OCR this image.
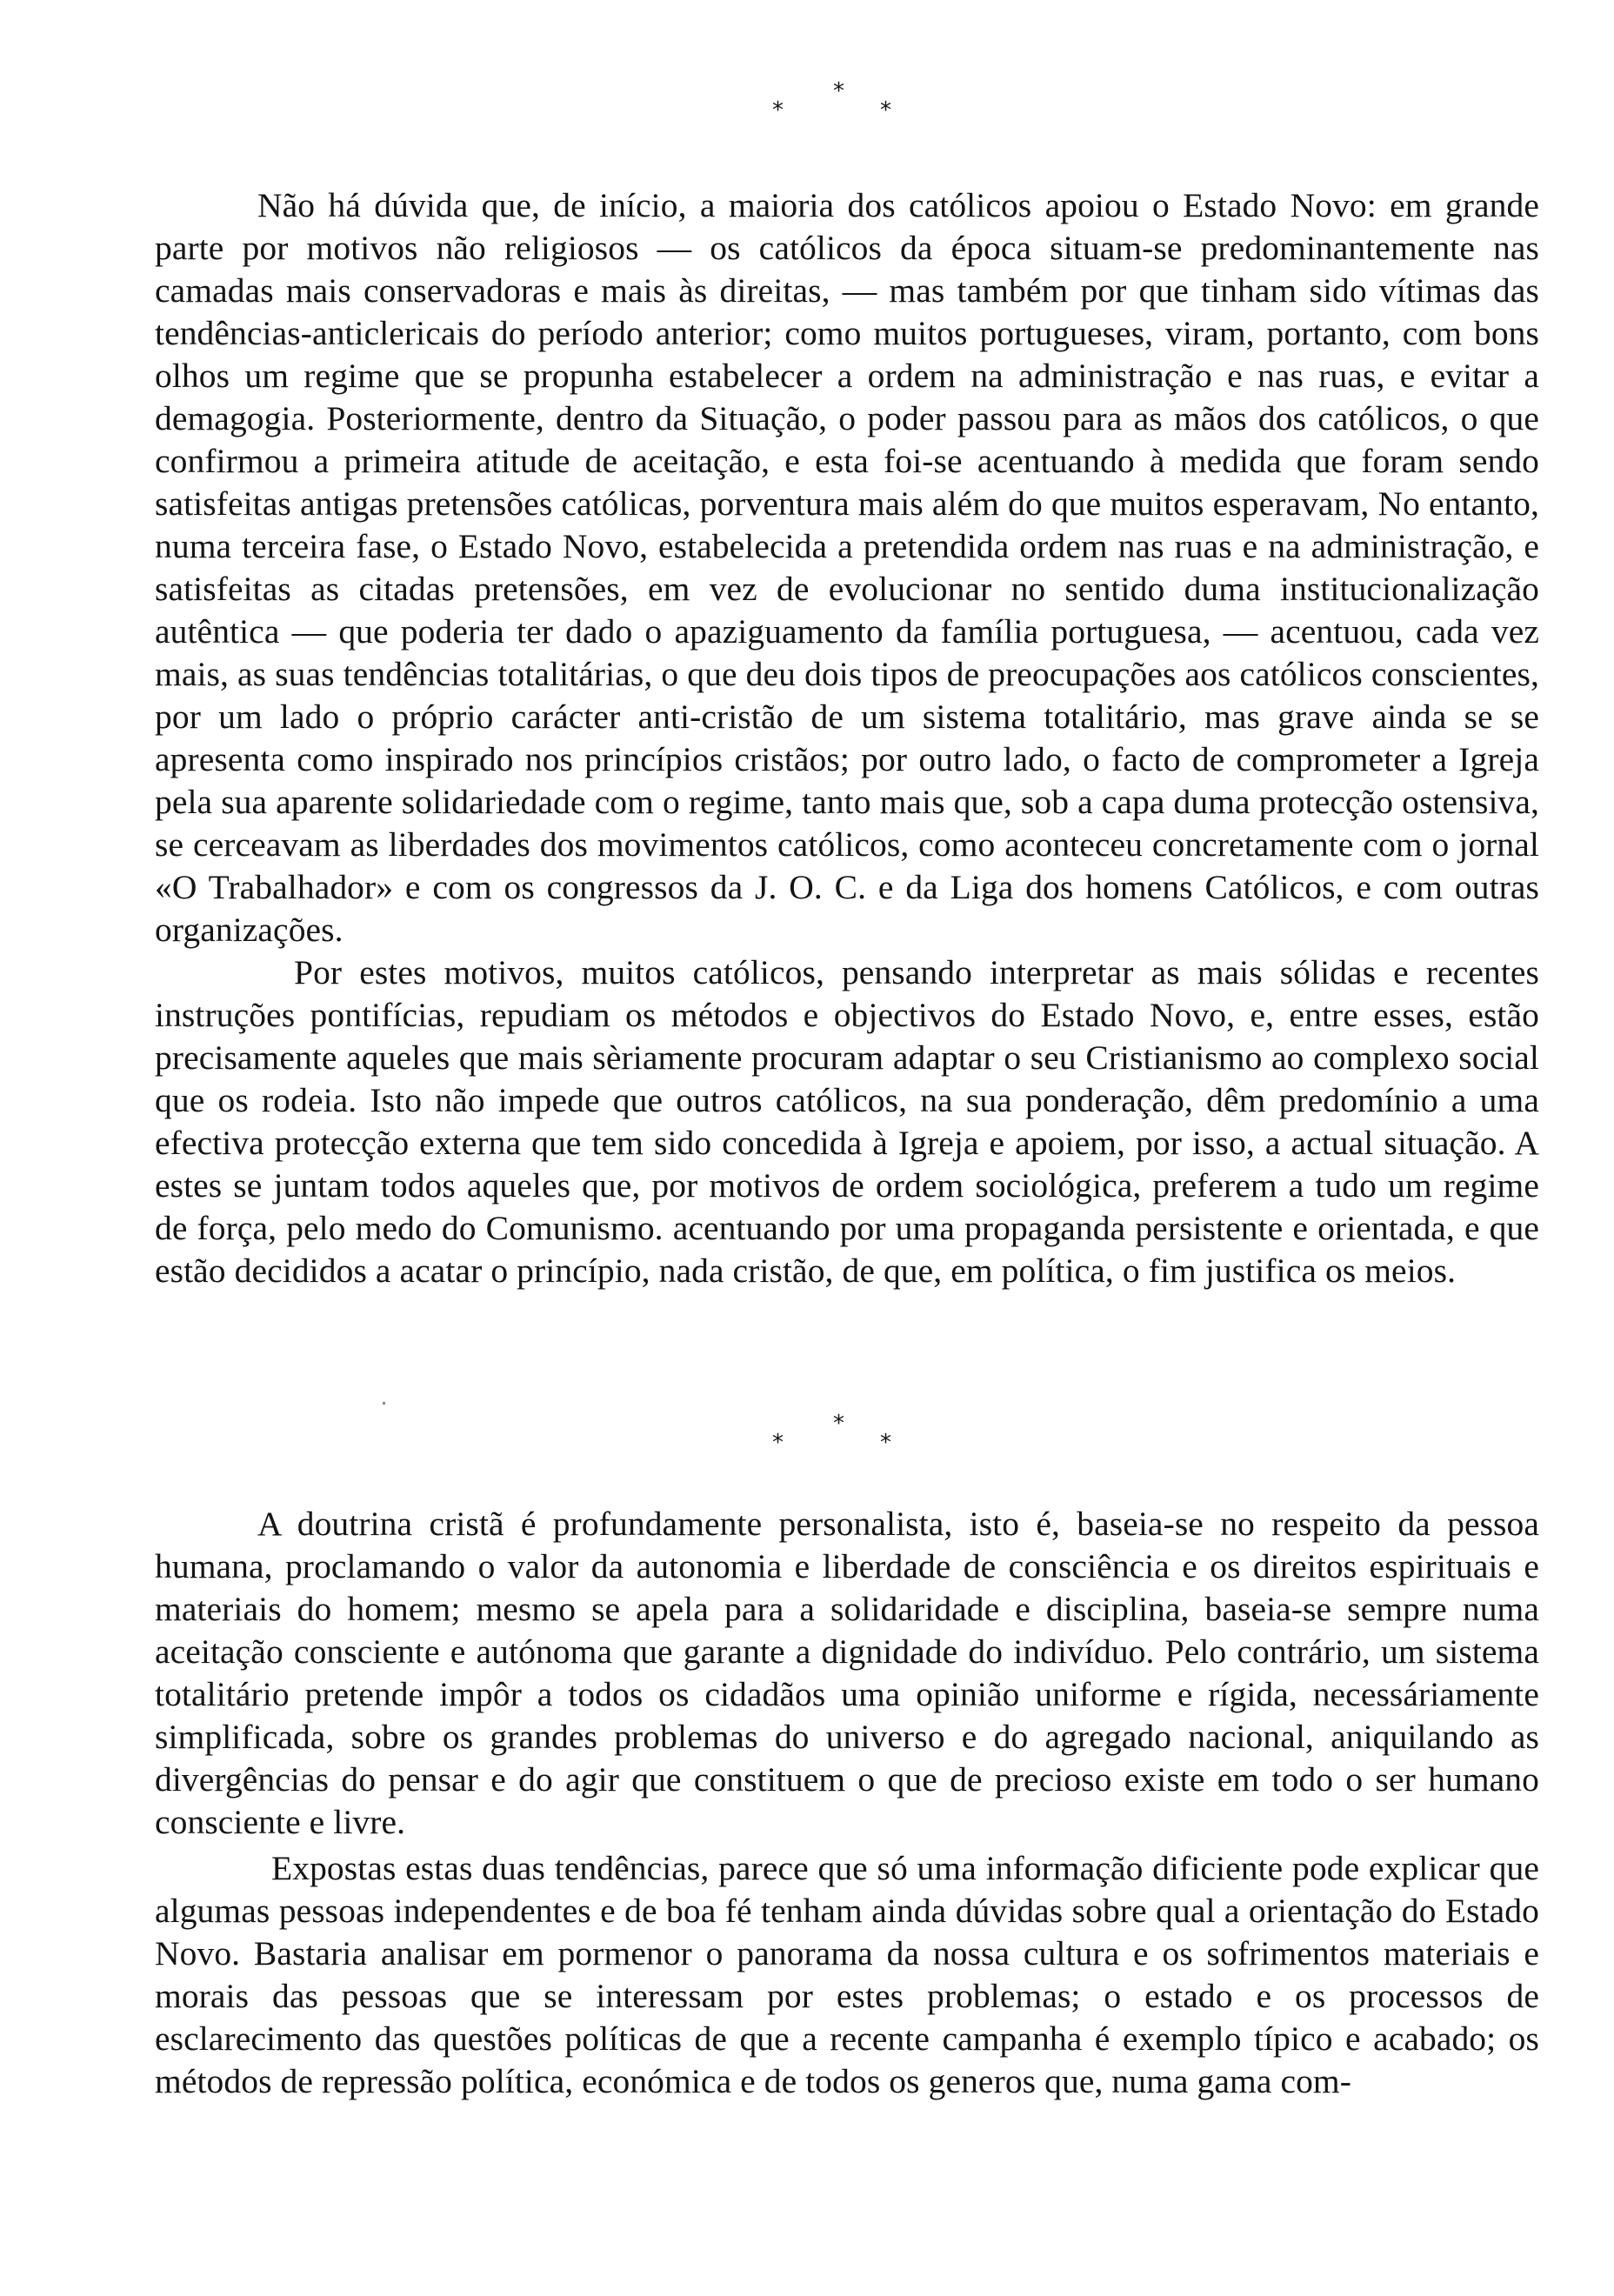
*
*	*

Não há dúvida que, de início, a maioria dos católicos apoiou o Estado Novo: em grande parte por motivos não religiosos — os católicos da época situam-se predominantemente nas camadas mais conservadoras e mais às direitas, — mas também por que tinham sido vítimas das tendências-anticlericais do período anterior; como muitos portugueses, viram, portanto, com bons olhos um regime que se propunha estabelecer a ordem na administração e nas ruas, e evitar a demagogia. Posteriormente, dentro da Situação, o poder passou para as mãos dos católicos, o que confirmou a primeira atitude de aceitação, e esta foi-se acentuando à medida que foram sendo satisfeitas antigas pretensões católicas, porventura mais além do que muitos esperavam, No entanto, numa terceira fase, o Estado Novo, estabelecida a pretendida ordem nas ruas e na administração, e satisfeitas as citadas pretensões, em vez de evolucionar no sentido duma institucionalização autêntica — que poderia ter dado o apaziguamento da família portuguesa, — acentuou, cada vez mais, as suas tendências totalitárias, o que deu dois tipos de preocupações aos católicos conscientes, por um lado o próprio carácter anti-cristão de um sistema totalitário, mas grave ainda se se apresenta como inspirado nos princípios cristãos; por outro lado, o facto de comprometer a Igreja pela sua aparente solidariedade com o regime, tanto mais que, sob a capa duma protecção ostensiva, se cerceavam as liberdades dos movimentos católicos, como aconteceu concretamente com o jornal «O Trabalhador» e com os congressos da J. O. C. e da Liga dos homens Católicos, e com outras organizações.

Por estes motivos, muitos católicos, pensando interpretar as mais sólidas e recentes instruções pontifícias, repudiam os métodos e objectivos do Estado Novo, e, entre esses, estão precisamente aqueles que mais sèriamente procuram adaptar o seu Cristianismo ao complexo social que os rodeia. Isto não impede que outros católicos, na sua ponderação, dêm predomínio a uma efectiva protecção externa que tem sido concedida à Igreja e apoiem, por isso, a actual situação. A estes se juntam todos aqueles que, por motivos de ordem sociológica, preferem a tudo um regime de força, pelo medo do Comunismo. acentuando por uma propaganda persistente e orientada, e que estão decididos a acatar o princípio, nada cristão, de que, em política, o fim justifica os meios.

*
*	*

A doutrina cristã é profundamente personalista, isto é, baseia-se no respeito da pessoa humana, proclamando o valor da autonomia e liberdade de consciência e os direitos espirituais e materiais do homem; mesmo se apela para a solidaridade e disciplina, baseia-se sempre numa aceitação consciente e autónoma que garante a dignidade do indivíduo. Pelo contrário, um sistema totalitário pretende impôr a todos os cidadãos uma opinião uniforme e rígida, necessáriamente simplificada, sobre os grandes problemas do universo e do agregado nacional, aniquilando as divergências do pensar e do agir que constituem o que de precioso existe em todo o ser humano consciente e livre.

Expostas estas duas tendências, parece que só uma informação dificiente pode explicar que algumas pessoas independentes e de boa fé tenham ainda dúvidas sobre qual a orientação do Estado Novo. Bastaria analisar em pormenor o panorama da nossa cultura e os sofrimentos materiais e morais das pessoas que se interessam por estes problemas; o estado e os processos de esclarecimento das questões políticas de que a recente campanha é exemplo típico e acabado; os métodos de repressão política, económica e de todos os generos que, numa gama com-
